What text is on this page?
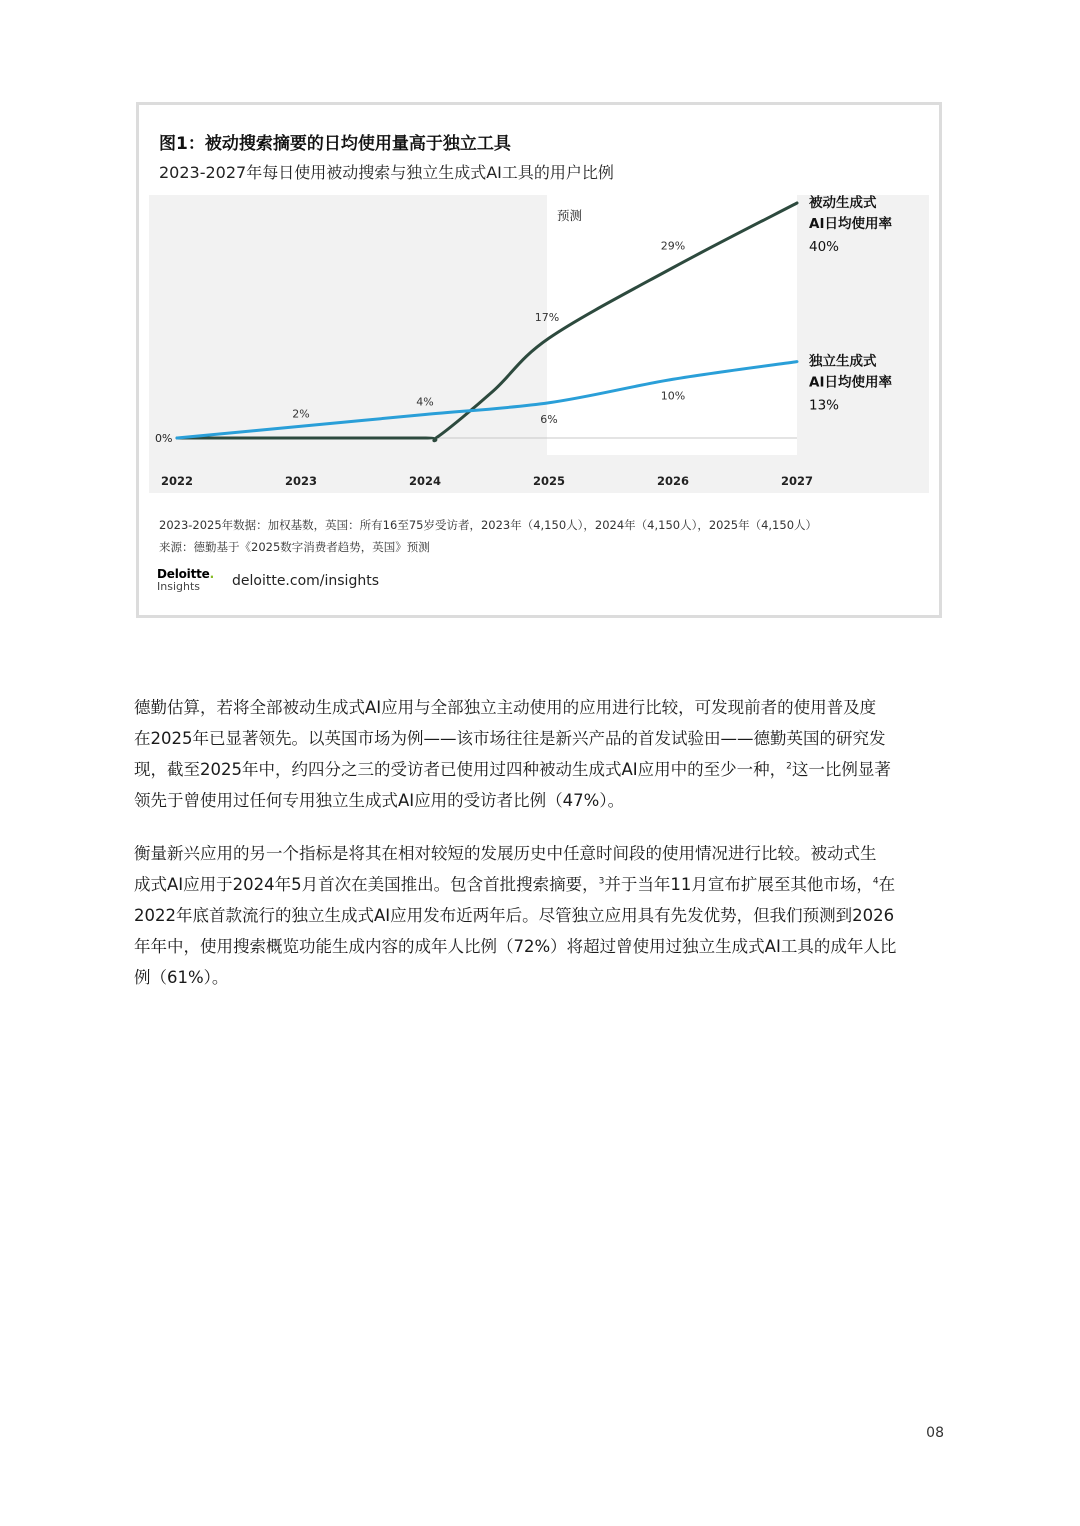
图1：被动搜索摘要的日均使用量高于独立工具

2023-2027年每日使用被动搜索与独立生成式AI工具的用户比例

预测
0%
2022	2023	2024	2025	2026	2027
17%
29%
2%
4%
6%
10%
被动生成式
AI日均使用率
40%
独立生成式
AI日均使用率
13%

2023-2025年数据：加权基数，英国：所有16至75岁受访者，2023年（4,150人），2024年（4,150人），2025年（4,150人）

来源：德勤基于《2025数字消费者趋势，英国》预测

Deloitte.
Insights	deloitte.com/insights

德勤估算，若将全部被动生成式AI应用与全部独立主动使用的应用进行比较，可发现前者的使用普及度
在2025年已显著领先。以英国市场为例——该市场往往是新兴产品的首发试验田——德勤英国的研究发
现，截至2025年中，约四分之三的受访者已使用过四种被动生成式AI应用中的至少一种，$^2$这一比例显著
领先于曾使用过任何专用独立生成式AI应用的受访者比例（47%）。

衡量新兴应用的另一个指标是将其在相对较短的发展历史中任意时间段的使用情况进行比较。被动式生
成式AI应用于2024年5月首次在美国推出。包含首批搜索摘要，$^3$并于当年11月宣布扩展至其他市场，$^4$在
2022年底首款流行的独立生成式AI应用发布近两年后。尽管独立应用具有先发优势，但我们预测到2026
年年中，使用搜索概览功能生成内容的成年人比例（72%）将超过曾使用过独立生成式AI工具的成年人比
例（61%）。

08
